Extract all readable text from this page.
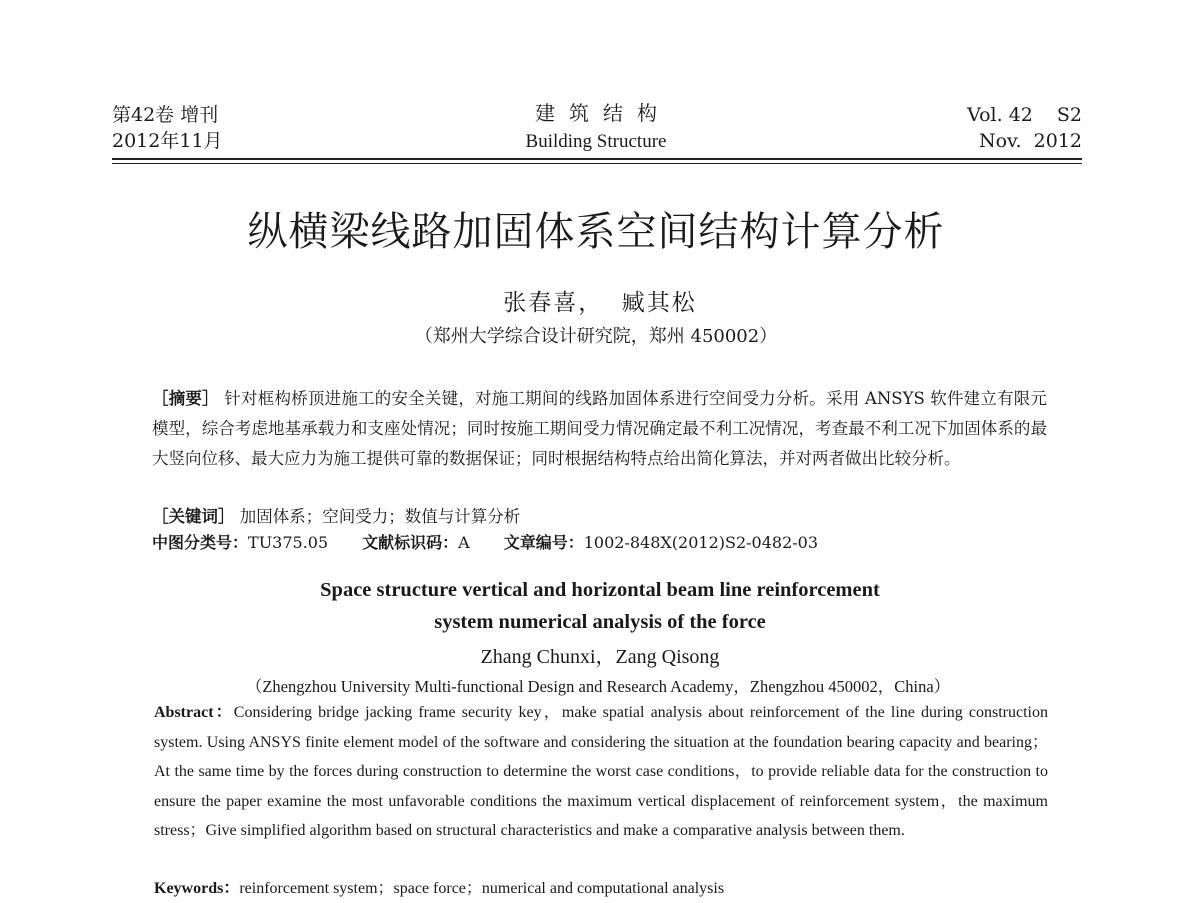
第42卷 增刊
2012年11月
建筑结构
Building Structure
Vol. 42 S2
Nov.  2012
纵横梁线路加固体系空间结构计算分析
张春喜，  臧其松
（郑州大学综合设计研究院，郑州 450002）
［摘要］ 针对框构桥顶进施工的安全关键，对施工期间的线路加固体系进行空间受力分析。采用 ANSYS 软件建立有限元模型，综合考虑地基承载力和支座处情况；同时按施工期间受力情况确定最不利工况情况，考查最不利工况下加固体系的最大竖向位移、最大应力为施工提供可靠的数据保证；同时根据结构特点给出简化算法，并对两者做出比较分析。
［关键词］ 加固体系；空间受力；数值与计算分析
中图分类号：TU375.05 文献标识码：A 文章编号：1002-848X(2012)S2-0482-03
Space structure vertical and horizontal beam line reinforcement
system numerical analysis of the force
Zhang Chunxi，Zang Qisong
（Zhengzhou University Multi-functional Design and Research Academy，Zhengzhou 450002，China）
Abstract：Considering bridge jacking frame security key，make spatial analysis about reinforcement of the line during construction system. Using ANSYS finite element model of the software and considering the situation at the foundation bearing capacity and bearing；At the same time by the forces during construction to determine the worst case conditions，to provide reliable data for the construction to ensure the paper examine the most unfavorable conditions the maximum vertical displacement of reinforcement system，the maximum stress；Give simplified algorithm based on structural characteristics and make a comparative analysis between them.
Keywords：reinforcement system；space force；numerical and computational analysis
